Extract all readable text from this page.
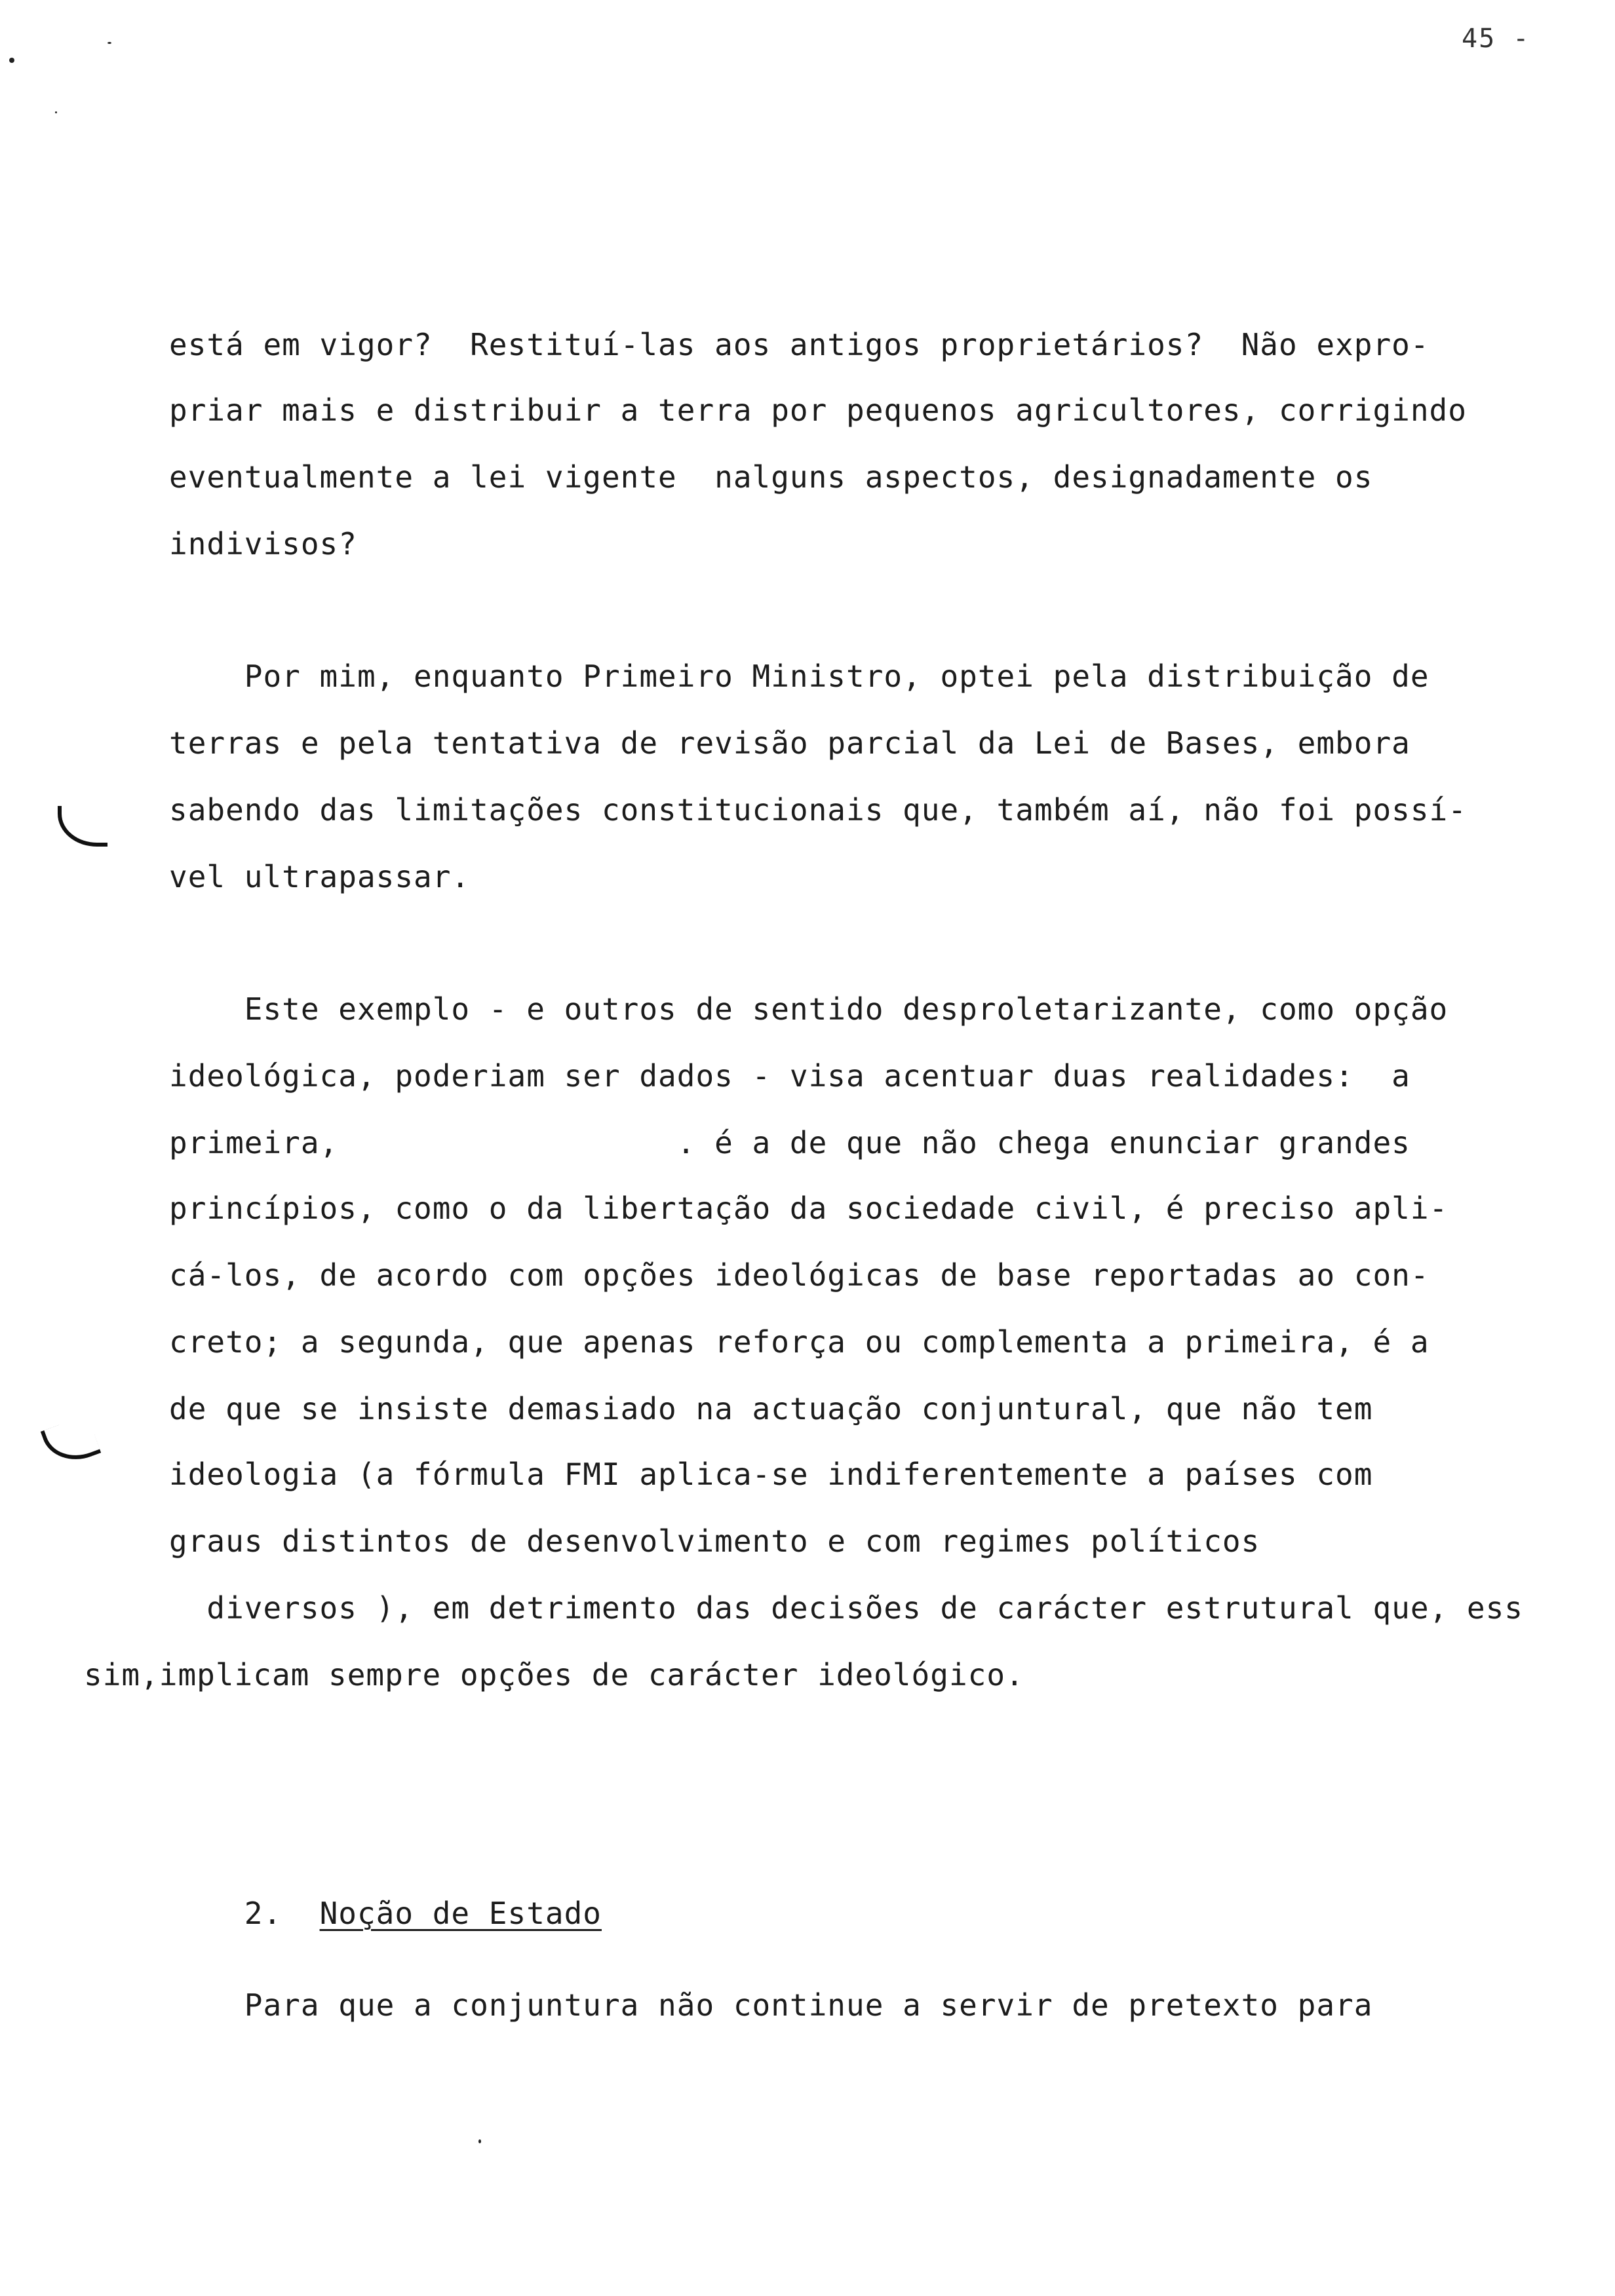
45 -
está em vigor?  Restituí-las aos antigos proprietários?  Não expro-
priar mais e distribuir a terra por pequenos agricultores, corrigindo
eventualmente a lei vigente  nalguns aspectos, designadamente os
indivisos?
Por mim, enquanto Primeiro Ministro, optei pela distribuição de
terras e pela tentativa de revisão parcial da Lei de Bases, embora
sabendo das limitações constitucionais que, também aí, não foi possí-
vel ultrapassar.
Este exemplo - e outros de sentido desproletarizante, como opção
ideológica, poderiam ser dados - visa acentuar duas realidades:  a
primeira,                  . é a de que não chega enunciar grandes
princípios, como o da libertação da sociedade civil, é preciso apli-
cá-los, de acordo com opções ideológicas de base reportadas ao con-
creto; a segunda, que apenas reforça ou complementa a primeira, é a
de que se insiste demasiado na actuação conjuntural, que não tem
ideologia (a fórmula FMI aplica-se indiferentemente a países com
graus distintos de desenvolvimento e com regimes políticos
diversos ), em detrimento das decisões de carácter estrutural que, ess
sim,implicam sempre opções de carácter ideológico.

2. Noção de Estado

Para que a conjuntura não continue a servir de pretexto para
